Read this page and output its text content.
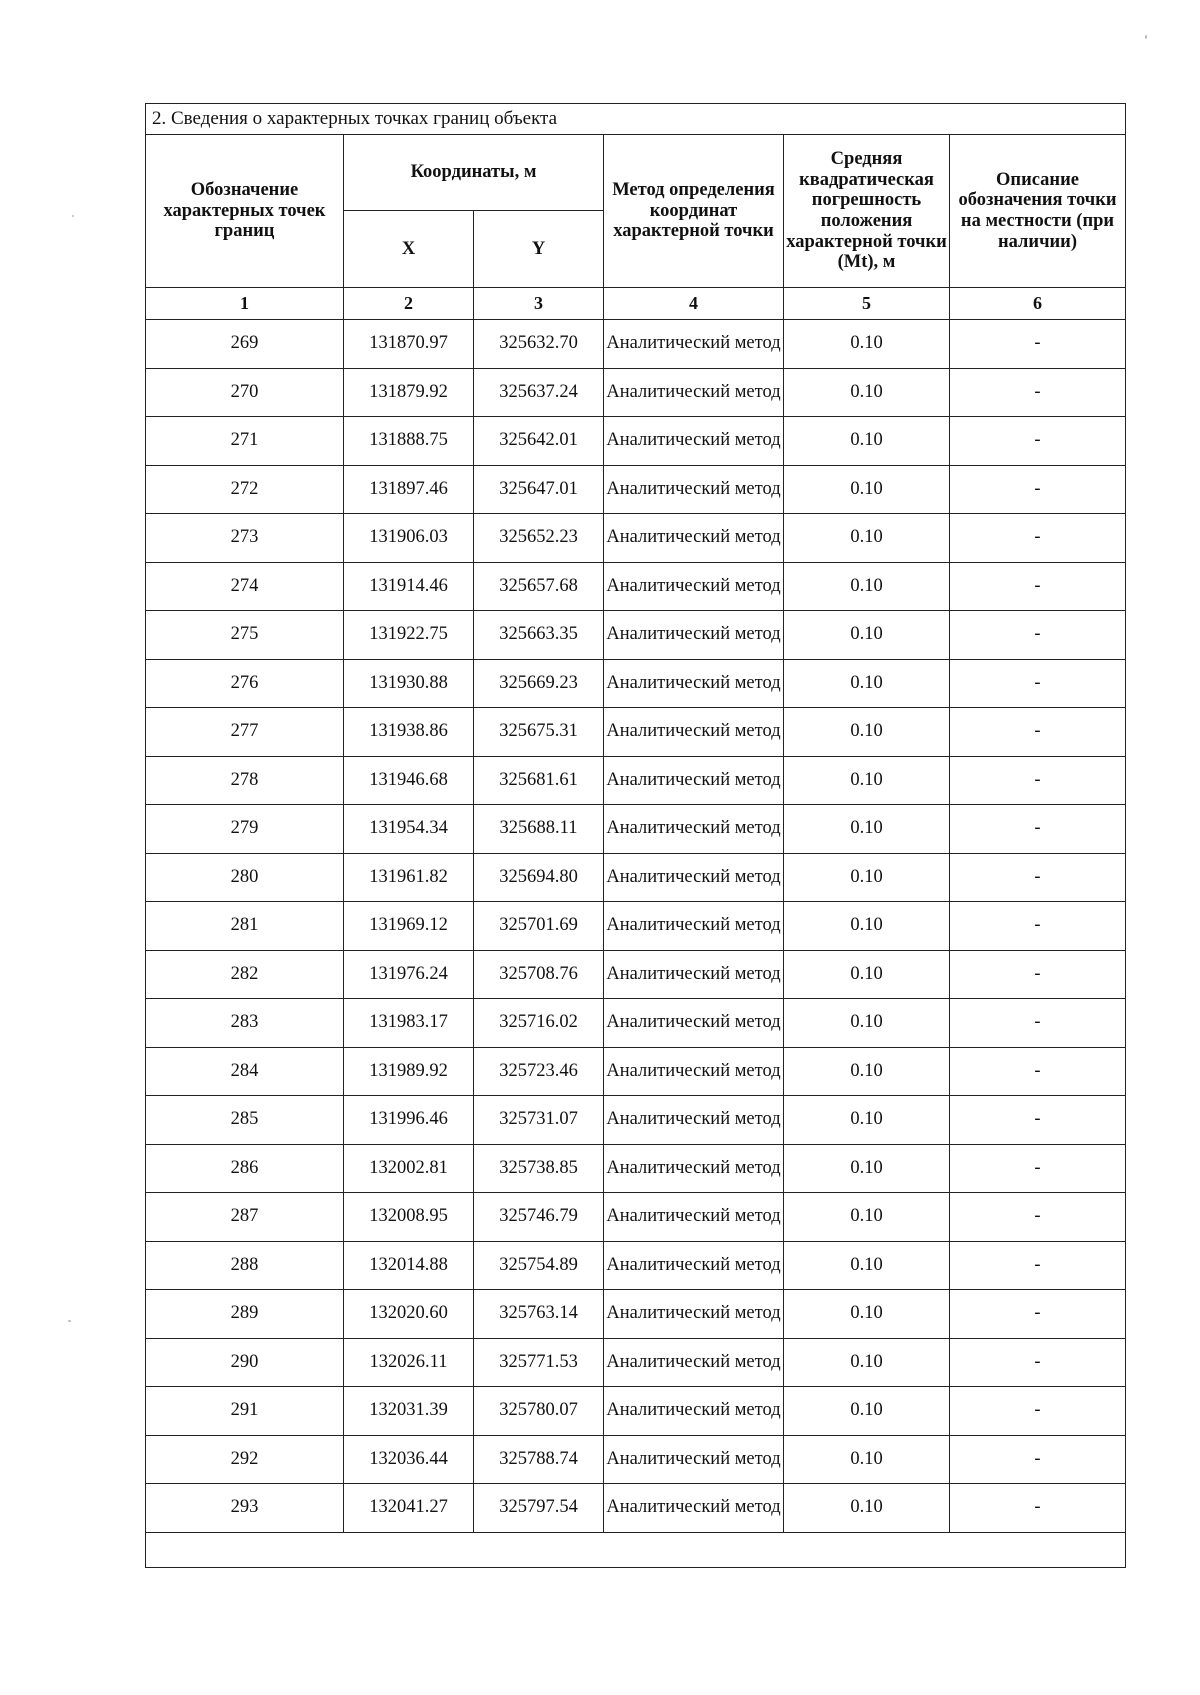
2. Сведения о характерных точках границ объекта					
Обозначение характерных точек границ	Координаты, м		Метод определения координат характерной точки	Средняя квадратическая погрешность положения характерной точки (Mt), м	Описание обозначения точки на местности (при наличии)
	X	Y			
1	2	3	4	5	6
269	131870.97	325632.70	Аналитический метод	0.10	-
270	131879.92	325637.24	Аналитический метод	0.10	-
271	131888.75	325642.01	Аналитический метод	0.10	-
272	131897.46	325647.01	Аналитический метод	0.10	-
273	131906.03	325652.23	Аналитический метод	0.10	-
274	131914.46	325657.68	Аналитический метод	0.10	-
275	131922.75	325663.35	Аналитический метод	0.10	-
276	131930.88	325669.23	Аналитический метод	0.10	-
277	131938.86	325675.31	Аналитический метод	0.10	-
278	131946.68	325681.61	Аналитический метод	0.10	-
279	131954.34	325688.11	Аналитический метод	0.10	-
280	131961.82	325694.80	Аналитический метод	0.10	-
281	131969.12	325701.69	Аналитический метод	0.10	-
282	131976.24	325708.76	Аналитический метод	0.10	-
283	131983.17	325716.02	Аналитический метод	0.10	-
284	131989.92	325723.46	Аналитический метод	0.10	-
285	131996.46	325731.07	Аналитический метод	0.10	-
286	132002.81	325738.85	Аналитический метод	0.10	-
287	132008.95	325746.79	Аналитический метод	0.10	-
288	132014.88	325754.89	Аналитический метод	0.10	-
289	132020.60	325763.14	Аналитический метод	0.10	-
290	132026.11	325771.53	Аналитический метод	0.10	-
291	132031.39	325780.07	Аналитический метод	0.10	-
292	132036.44	325788.74	Аналитический метод	0.10	-
293	132041.27	325797.54	Аналитический метод	0.10	-
